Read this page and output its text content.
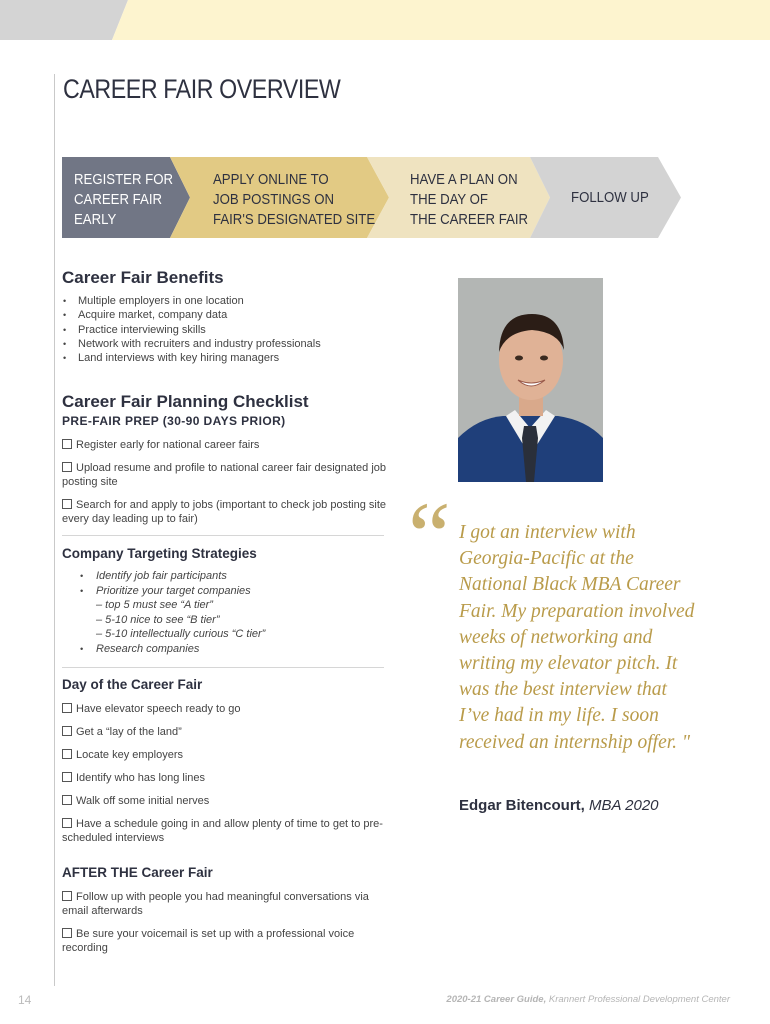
CAREER FAIR OVERVIEW
REGISTER FOR
CAREER FAIR
EARLY
APPLY ONLINE TO
JOB POSTINGS ON
FAIR'S DESIGNATED SITE
HAVE A PLAN ON
THE DAY OF
THE CAREER FAIR
FOLLOW UP
Career Fair Benefits
• Multiple employers in one location
• Acquire market, company data
• Practice interviewing skills
• Network with recruiters and industry professionals
• Land interviews with key hiring managers
Career Fair Planning Checklist
PRE-FAIR PREP (30-90 DAYS PRIOR)
Register early for national career fairs
Upload resume and profile to national career fair designated job posting site
Search for and apply to jobs (important to check job posting site every day leading up to fair)
Company Targeting Strategies
• Identify job fair participants
• Prioritize your target companies
– top 5 must see “A tier”
– 5-10 nice to see “B tier”
– 5-10 intellectually curious “C tier”
• Research companies
Day of the Career Fair
Have elevator speech ready to go
Get a “lay of the land”
Locate key employers
Identify who has long lines
Walk off some initial nerves
Have a schedule going in and allow plenty of time to get to pre-scheduled interviews
AFTER THE Career Fair
Follow up with people you had meaningful conversations via email afterwards
Be sure your voicemail is set up with a professional voice recording
“ I got an interview with Georgia-Pacific at the National Black MBA Career Fair. My preparation involved weeks of networking and writing my elevator pitch. It was the best interview that I’ve had in my life. I soon received an internship offer. "
Edgar Bitencourt, MBA 2020
14	2020-21 Career Guide, Krannert Professional Development Center
